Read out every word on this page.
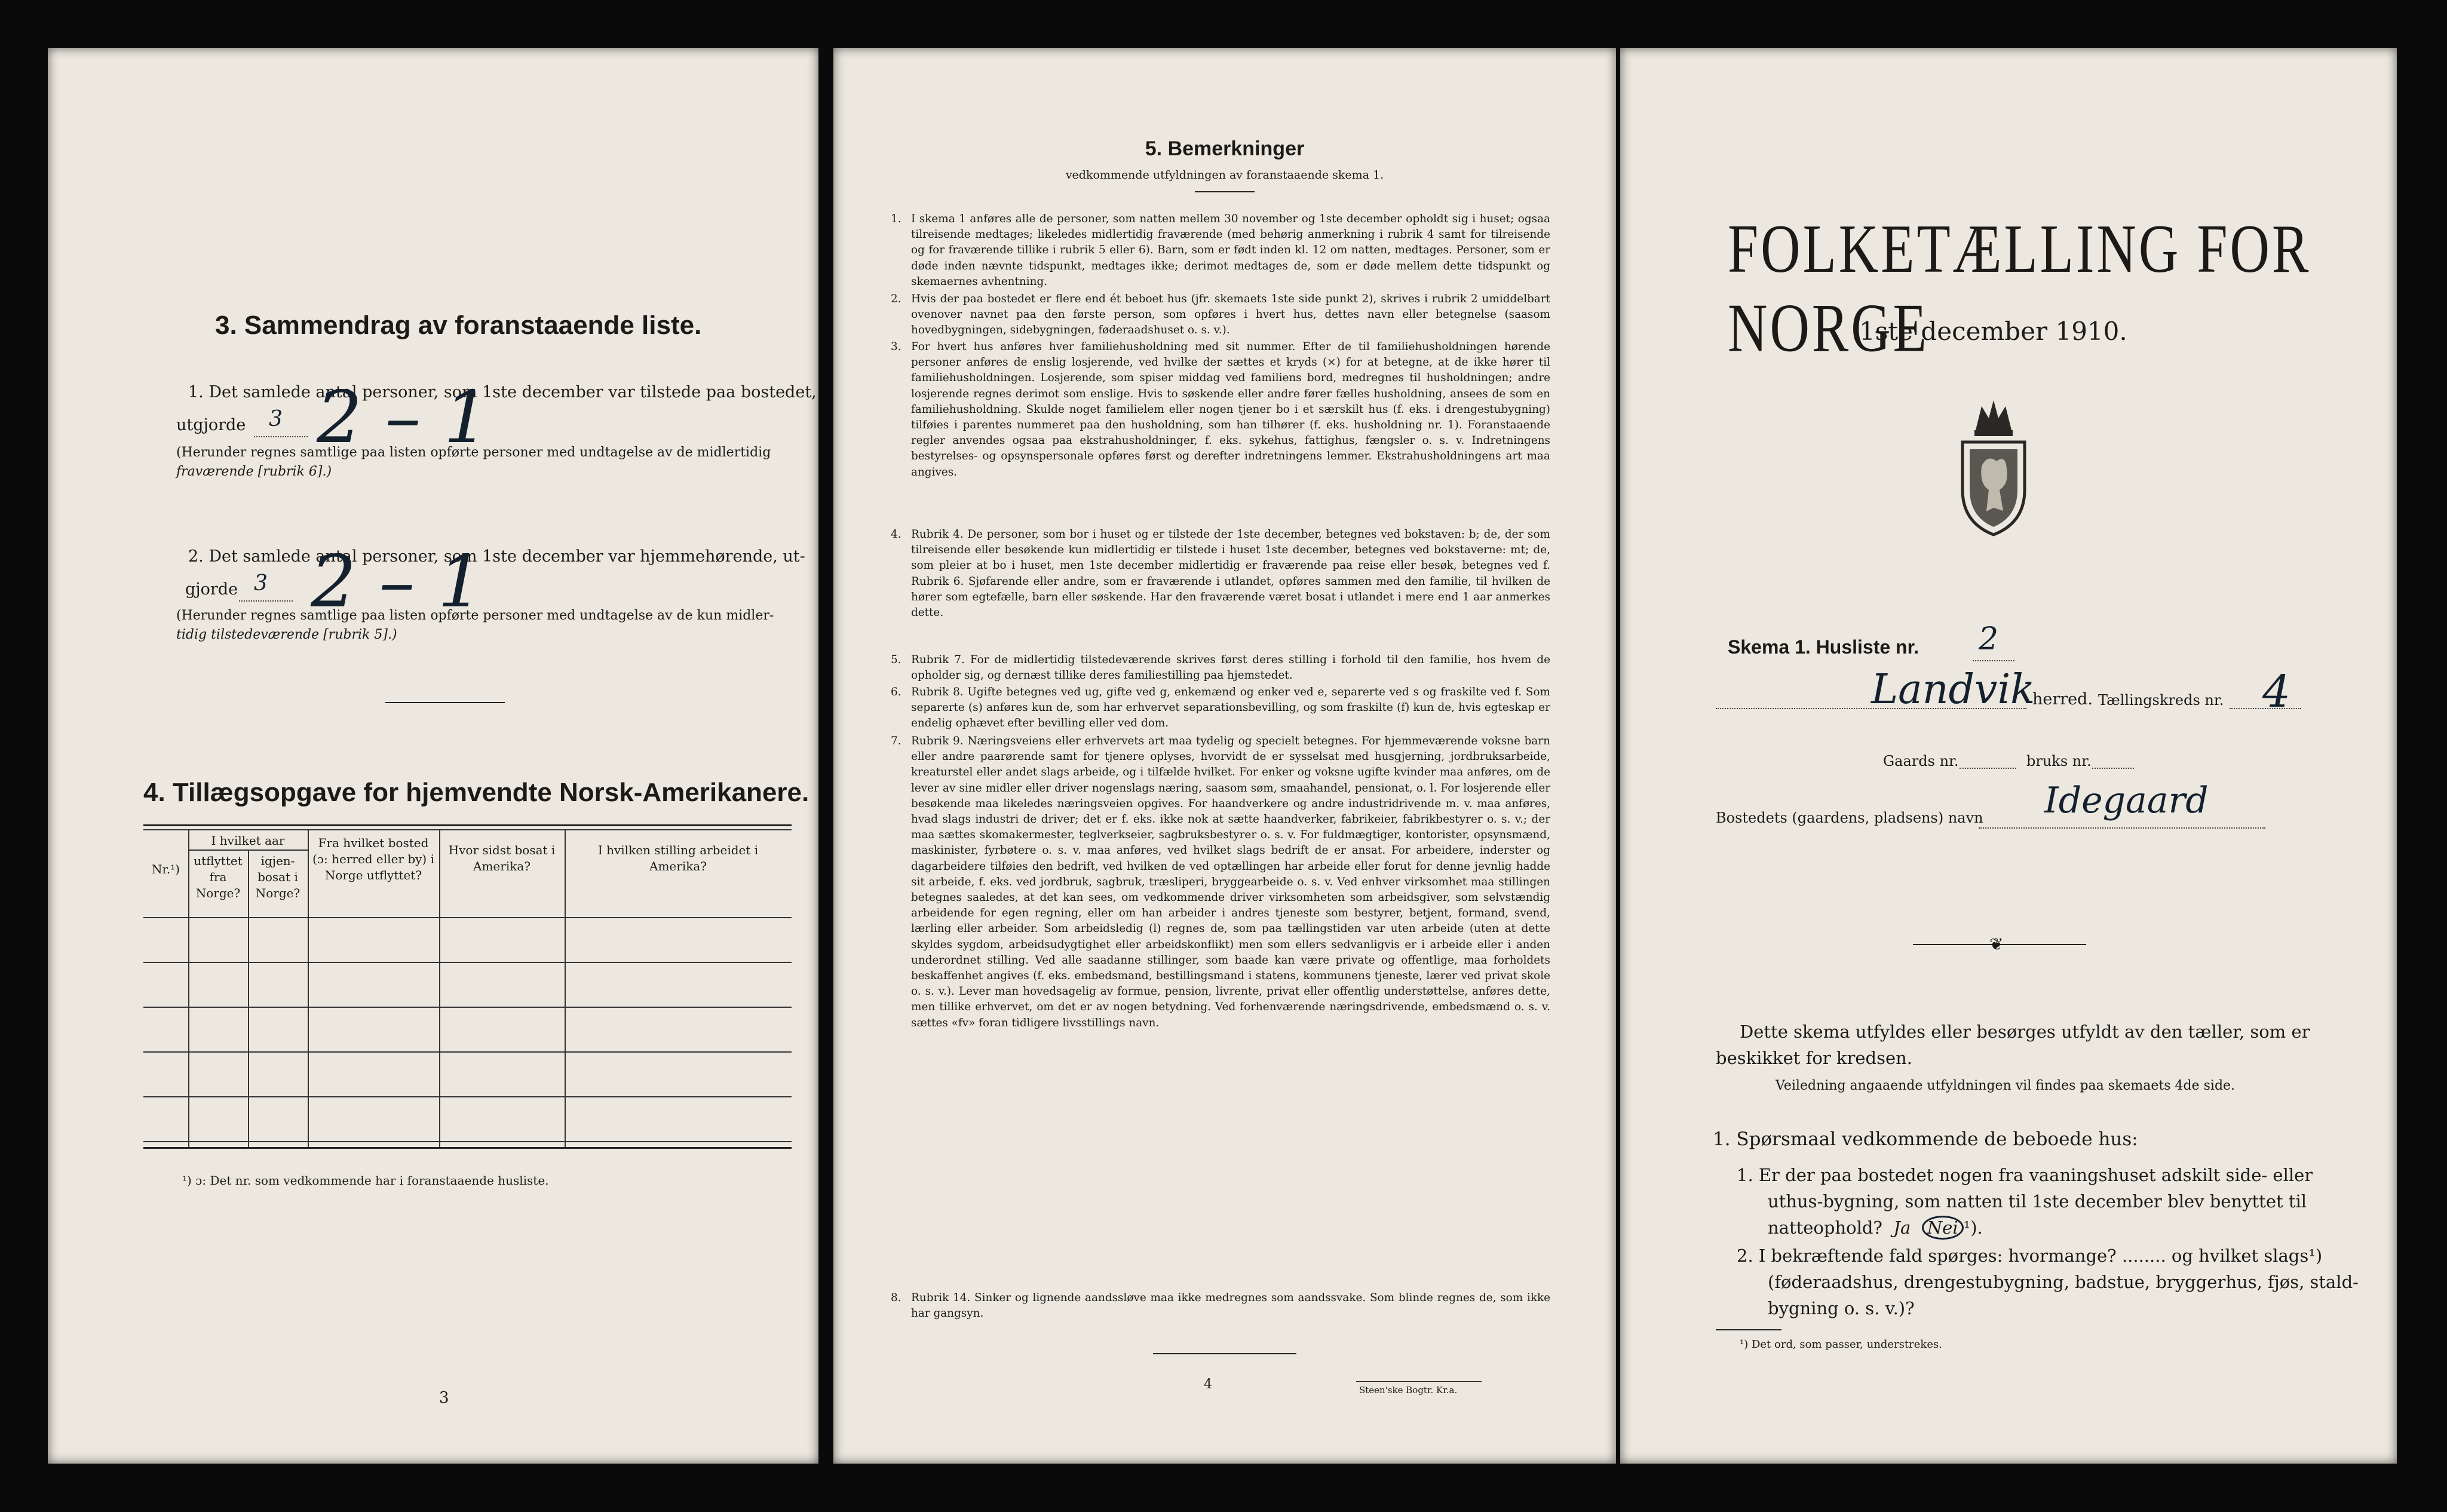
3. Sammendrag av foranstaaende liste.
1. Det samlede antal personer, som 1ste december var tilstede paa bostedet,
utgjorde 3 2 – 1
(Herunder regnes samtlige paa listen opførte personer med undtagelse av de midlertidig
fraværende [rubrik 6].)
2. Det samlede antal personer, som 1ste december var hjemmehørende, ut-
gjorde 3 2 – 1
(Herunder regnes samtlige paa listen opførte personer med undtagelse av de kun midler-
tidig tilstedeværende [rubrik 5].)
4. Tillægsopgave for hjemvendte Norsk-Amerikanere.
Nr.¹)
I hvilket aar
utflyttet fra Norge?
igjen-bosat i Norge?
Fra hvilket bosted (ɔ: herred eller by) i Norge utflyttet?
Hvor sidst bosat i Amerika?
I hvilken stilling arbeidet i Amerika?
¹) ɔ: Det nr. som vedkommende har i foranstaaende husliste.
3
5. Bemerkninger
vedkommende utfyldningen av foranstaaende skema 1.
1. I skema 1 anføres alle de personer, som natten mellem 30 november og 1ste december opholdt sig i huset; ogsaa tilreisende medtages; likeledes midlertidig fraværende (med behørig anmerkning i rubrik 4 samt for tilreisende og for fraværende tillike i rubrik 5 eller 6). Barn, som er født inden kl. 12 om natten, medtages. Personer, som er døde inden nævnte tidspunkt, medtages ikke; derimot medtages de, som er døde mellem dette tidspunkt og skemaernes avhentning.
2. Hvis der paa bostedet er flere end ét beboet hus (jfr. skemaets 1ste side punkt 2), skrives i rubrik 2 umiddelbart ovenover navnet paa den første person, som opføres i hvert hus, dettes navn eller betegnelse (saasom hovedbygningen, sidebygningen, føderaadshuset o. s. v.).
3. For hvert hus anføres hver familiehusholdning med sit nummer. Efter de til familiehusholdningen hørende personer anføres de enslig losjerende, ved hvilke der sættes et kryds (×) for at betegne, at de ikke hører til familiehusholdningen. Losjerende, som spiser middag ved familiens bord, medregnes til husholdningen; andre losjerende regnes derimot som enslige. Hvis to søskende eller andre fører fælles husholdning, ansees de som en familiehusholdning. Skulde noget familielem eller nogen tjener bo i et særskilt hus (f. eks. i drengestubygning) tilføies i parentes nummeret paa den husholdning, som han tilhører (f. eks. husholdning nr. 1). Foranstaaende regler anvendes ogsaa paa ekstrahusholdninger, f. eks. sykehus, fattighus, fængsler o. s. v. Indretningens bestyrelses- og opsynspersonale opføres først og derefter indretningens lemmer. Ekstrahusholdningens art maa angives.
4. Rubrik 4. De personer, som bor i huset og er tilstede der 1ste december, betegnes ved bokstaven: b; de, der som tilreisende eller besøkende kun midlertidig er tilstede i huset 1ste december, betegnes ved bokstaverne: mt; de, som pleier at bo i huset, men 1ste december midlertidig er fraværende paa reise eller besøk, betegnes ved f. Rubrik 6. Sjøfarende eller andre, som er fraværende i utlandet, opføres sammen med den familie, til hvilken de hører som egtefælle, barn eller søskende. Har den fraværende været bosat i utlandet i mere end 1 aar anmerkes dette.
5. Rubrik 7. For de midlertidig tilstedeværende skrives først deres stilling i forhold til den familie, hos hvem de opholder sig, og dernæst tillike deres familiestilling paa hjemstedet.
6. Rubrik 8. Ugifte betegnes ved ug, gifte ved g, enkemænd og enker ved e, separerte ved s og fraskilte ved f. Som separerte (s) anføres kun de, som har erhvervet separationsbevilling, og som fraskilte (f) kun de, hvis egteskap er endelig ophævet efter bevilling eller ved dom.
7. Rubrik 9. Næringsveiens eller erhvervets art maa tydelig og specielt betegnes. For hjemmeværende voksne barn eller andre paarørende samt for tjenere oplyses, hvorvidt de er sysselsat med husgjerning, jordbruksarbeide, kreaturstel eller andet slags arbeide, og i tilfælde hvilket. For enker og voksne ugifte kvinder maa anføres, om de lever av sine midler eller driver nogenslags næring, saasom søm, smaahandel, pensionat, o. l. For losjerende eller besøkende maa likeledes næringsveien opgives. For haandverkere og andre industridrivende m. v. maa anføres, hvad slags industri de driver; det er f. eks. ikke nok at sætte haandverker, fabrikeier, fabrikbestyrer o. s. v.; der maa sættes skomakermester, teglverkseier, sagbruksbestyrer o. s. v. For fuldmægtiger, kontorister, opsynsmænd, maskinister, fyrbøtere o. s. v. maa anføres, ved hvilket slags bedrift de er ansat. For arbeidere, inderster og dagarbeidere tilføies den bedrift, ved hvilken de ved optællingen har arbeide eller forut for denne jevnlig hadde sit arbeide, f. eks. ved jordbruk, sagbruk, træsliperi, bryggearbeide o. s. v. Ved enhver virksomhet maa stillingen betegnes saaledes, at det kan sees, om vedkommende driver virksomheten som arbeidsgiver, som selvstændig arbeidende for egen regning, eller om han arbeider i andres tjeneste som bestyrer, betjent, formand, svend, lærling eller arbeider. Som arbeidsledig (l) regnes de, som paa tællingstiden var uten arbeide (uten at dette skyldes sygdom, arbeidsudygtighet eller arbeidskonflikt) men som ellers sedvanligvis er i arbeide eller i anden underordnet stilling. Ved alle saadanne stillinger, som baade kan være private og offentlige, maa forholdets beskaffenhet angives (f. eks. embedsmand, bestillingsmand i statens, kommunens tjeneste, lærer ved privat skole o. s. v.). Lever man hovedsagelig av formue, pension, livrente, privat eller offentlig understøttelse, anføres dette, men tillike erhvervet, om det er av nogen betydning. Ved forhenværende næringsdrivende, embedsmænd o. s. v. sættes «fv» foran tidligere livsstillings navn.
8. Rubrik 14. Sinker og lignende aandssløve maa ikke medregnes som aandssvake. Som blinde regnes de, som ikke har gangsyn.
4	Steen'ske Bogtr. Kr.a.
FOLKETÆLLING FOR NORGE
1ste december 1910.
Skema 1. Husliste nr. 2
Landvik
herred. Tællingskreds nr. 4
Gaards nr.	bruks nr.
Bostedets (gaardens, pladsens) navn Idegaard
❦
Dette skema utfyldes eller besørges utfyldt av den tæller, som er
beskikket for kredsen.
Veiledning angaaende utfyldningen vil findes paa skemaets 4de side.
1. Spørsmaal vedkommende de beboede hus:
1. Er der paa bostedet nogen fra vaaningshuset adskilt side- eller
uthus-bygning, som natten til 1ste december blev benyttet til
natteophold? Ja Nei ¹).
2. I bekræftende fald spørges: hvormange? ........ og hvilket slags¹)
(føderaadshus, drengestubygning, badstue, bryggerhus, fjøs, stald-
bygning o. s. v.)?
¹) Det ord, som passer, understrekes.
